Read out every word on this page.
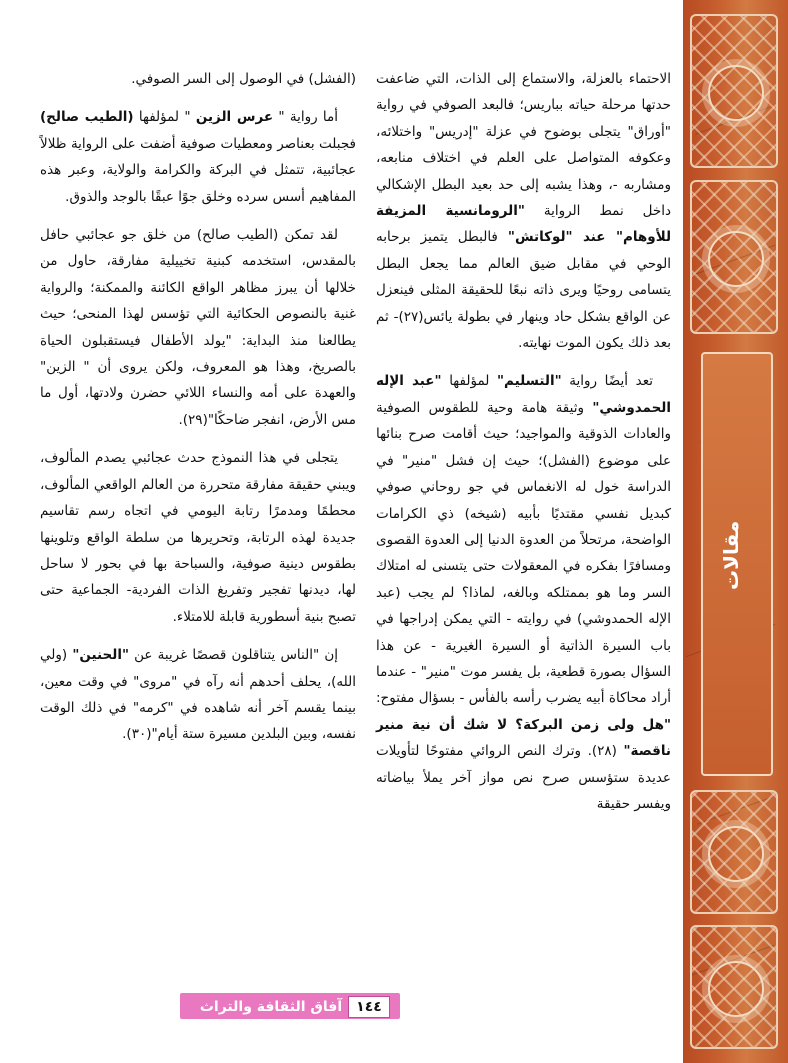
مقالات

الاحتماء بالعزلة، والاستماع إلى الذات، التي ضاعفت حدتها مرحلة حياته بباريس؛ فالبعد الصوفي في رواية "أوراق" يتجلى بوضوح في عزلة "إدريس" واختلائه، وعكوفه المتواصل على العلم في اختلاف منابعه، ومشاربه -، وهذا يشبه إلى حد بعيد البطل الإشكالي داخل نمط الرواية "الرومانسية المزيفة للأوهام" عند "لوكاتش" فالبطل يتميز برحابه الوحي في مقابل ضيق العالم مما يجعل البطل يتسامى روحيًا ويرى ذاته نبعًا للحقيقة المثلى فينعزل عن الواقع بشكل حاد وينهار في بطولة يائس(٢٧)- ثم بعد ذلك يكون الموت نهايته.

تعد أيضًا رواية "التسليم" لمؤلفها "عبد الإله الحمدوشي" وثيقة هامة وحية للطقوس الصوفية والعادات الذوقية والمواجيد؛ حيث أقامت صرح بنائها على موضوع (الفشل)؛ حيث إن فشل "منير" في الدراسة خول له الانغماس في جو روحاني صوفي كبديل نفسي مقتديًا بأبيه (شيخه) ذي الكرامات الواضحة، مرتحلاً من العدوة الدنيا إلى العدوة القصوى ومسافرًا بفكره في المعقولات حتى يتسنى له امتلاك السر وما هو بممتلكه وبالغه، لماذا؟ لم يجب (عبد الإله الحمدوشي) في روايته - التي يمكن إدراجها في باب السيرة الذاتية أو السيرة الغيرية - عن هذا السؤال بصورة قطعية، بل يفسر موت "منير" - عندما أراد محاكاة أبيه يضرب رأسه بالفأس - بسؤال مفتوح: "هل ولى زمن البركة؟ لا شك أن نية منير ناقصة" (٢٨). وترك النص الروائي مفتوحًا لتأويلات عديدة ستؤسس صرح نص مواز آخر يملأ بياضاته ويفسر حقيقة

(الفشل) في الوصول إلى السر الصوفي.

أما رواية " عرس الزين " لمؤلفها (الطيب صالح) فجبلت بعناصر ومعطيات صوفية أضفت على الرواية ظلالاً عجائبية، تتمثل في البركة والكرامة والولاية، وعبر هذه المفاهيم أسس سرده وخلق جوًا عبقًا بالوجد والذوق.

لقد تمكن (الطيب صالح) من خلق جو عجائبي حافل بالمقدس، استخدمه كبنية تخييلية مفارقة، حاول من خلالها أن يبرز مظاهر الواقع الكائنة والممكنة؛ والرواية غنية بالنصوص الحكائية التي تؤسس لهذا المنحى؛ حيث يطالعنا منذ البداية: "يولد الأطفال فيستقبلون الحياة بالصريخ، وهذا هو المعروف، ولكن يروى أن " الزين" والعهدة على أمه والنساء اللائي حضرن ولادتها، أول ما مس الأرض، انفجر ضاحكًا"(٢٩).

يتجلى في هذا النموذج حدث عجائبي يصدم المألوف، ويبني حقيقة مفارقة متحررة من العالم الواقعي المألوف، محطمًا ومدمرًا رتابة اليومي في اتجاه رسم تقاسيم جديدة لهذه الرتابة، وتحريرها من سلطة الواقع وتلوينها بطقوس دينية صوفية، والسباحة بها في بحور لا ساحل لها، ديدنها تفجير وتفريغ الذات الفردية- الجماعية حتى تصبح بنية أسطورية قابلة للامتلاء.

إن "الناس يتناقلون قصصًا غريبة عن "الحنين" (ولي الله)، يحلف أحدهم أنه رآه في "مروى" في وقت معين، بينما يقسم آخر أنه شاهده في "كرمه" في ذلك الوقت نفسه، وبين البلدين مسيرة ستة أيام"(٣٠).

آفاق الثقافة والتراث	١٤٤
